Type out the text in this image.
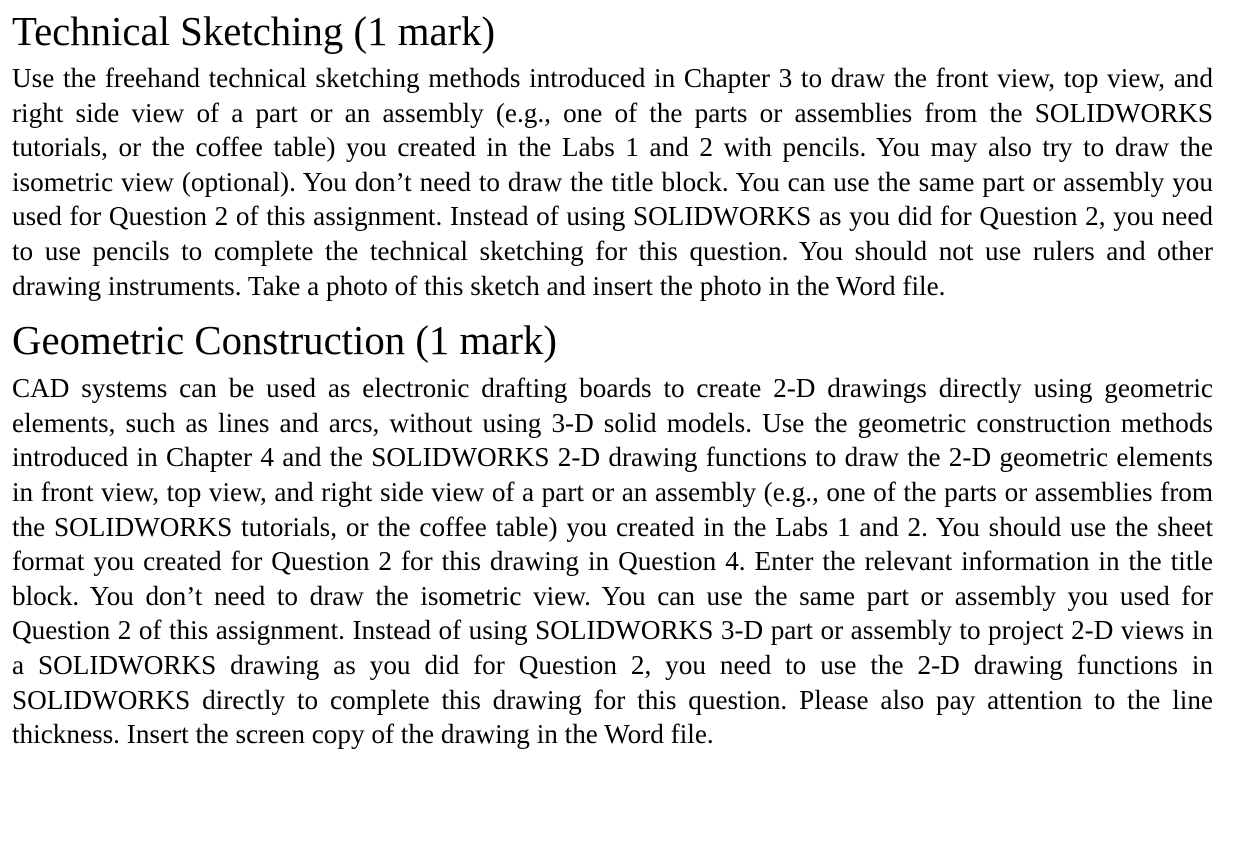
Technical Sketching (1 mark)

Use the freehand technical sketching methods introduced in Chapter 3 to draw the front view, top view, and right side view of a part or an assembly (e.g., one of the parts or assemblies from the SOLIDWORKS tutorials, or the coffee table) you created in the Labs 1 and 2 with pencils. You may also try to draw the isometric view (optional). You don’t need to draw the title block. You can use the same part or assembly you used for Question 2 of this assignment. Instead of using SOLIDWORKS as you did for Question 2, you need to use pencils to complete the technical sketching for this question. You should not use rulers and other drawing instruments. Take a photo of this sketch and insert the photo in the Word file.

Geometric Construction (1 mark)

CAD systems can be used as electronic drafting boards to create 2-D drawings directly using geometric elements, such as lines and arcs, without using 3-D solid models. Use the geometric construction methods introduced in Chapter 4 and the SOLIDWORKS 2-D drawing functions to draw the 2-D geometric elements in front view, top view, and right side view of a part or an assembly (e.g., one of the parts or assemblies from the SOLIDWORKS tutorials, or the coffee table) you created in the Labs 1 and 2. You should use the sheet format you created for Question 2 for this drawing in Question 4. Enter the relevant information in the title block. You don’t need to draw the isometric view. You can use the same part or assembly you used for Question 2 of this assignment. Instead of using SOLIDWORKS 3-D part or assembly to project 2-D views in a SOLIDWORKS drawing as you did for Question 2, you need to use the 2-D drawing functions in SOLIDWORKS directly to complete this drawing for this question. Please also pay attention to the line thickness. Insert the screen copy of the drawing in the Word file.
